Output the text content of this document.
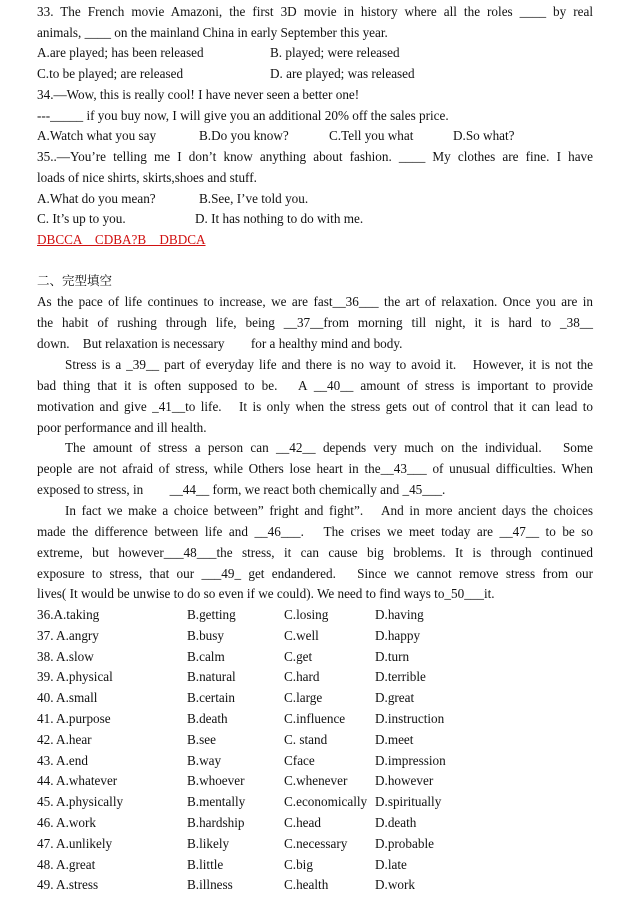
33. The French movie Amazoni, the first 3D movie in history where all the roles ____ by real
animals, ____ on the mainland China in early September this year.
A.are played; has been released	B. played; were released
C.to be played; are released	D. are played; was released
34.—Wow, this is really cool! I have never seen a better one!
---_____ if you buy now, I will give you an additional 20% off the sales price.
A.Watch what you say	B.Do you know?	C.Tell you what	D.So what?
35..—You’re telling me I don’t know anything about fashion. ____ My clothes are fine. I have
loads of nice shirts, skirts,shoes and stuff.
A.What do you mean?	B.See, I’ve told you.
C. It’s up to you.	D. It has nothing to do with me.
DBCCA    CDBA?B    DBDCA
二、完型填空
As the pace of life continues to increase, we are fast__36___ the art of relaxation. Once you are in
the habit of rushing through life, being __37__from morning till night, it is hard to _38__
down.　But relaxation is necessary        for a healthy mind and body.
Stress is a _39__ part of everyday life and there is no way to avoid it.　However, it is not the
bad thing that it is often supposed to be.　A __40__ amount of stress is important to provide
motivation and give _41__to life.　It is only when the stress gets out of control that it can lead to
poor performance and ill health.
The amount of stress a person can __42__ depends very much on the individual.　Some
people are not afraid of stress, while Others lose heart in the__43___ of unusual difficulties. When
exposed to stress, in        __44__ form, we react both chemically and _45___.
In fact we make a choice between” fright and fight”.　And in more ancient days the choices
made the difference between life and __46___.　The crises we meet today are __47__ to be so
extreme, but however___48___the stress, it can cause big broblems. It is through continued
exposure to stress, that our ___49_ get endandered.　Since we cannot remove stress from our
lives( It would be unwise to do so even if we could). We need to find ways to_50___it.
36.A.taking	B.getting	C.losing	D.having
37. A.angry	B.busy	C.well	D.happy
38. A.slow	B.calm	C.get	D.turn
39. A.physical	B.natural	C.hard	D.terrible
40. A.small	B.certain	C.large	D.great
41. A.purpose	B.death	C.influence D.instruction
42. A.hear	B.see	C. stand	D.meet
43. A.end	B.way	Cface	D.impression
44. A.whatever	B.whoever	C.whenever D.however
45. A.physically	B.mentally	C.economically D.spiritually
46. A.work	B.hardship	C.head	D.death
47. A.unlikely	B.likely	C.necessary D.probable
48. A.great	B.little	C.big	D.late
49. A.stress	B.illness	C.health	D.work
